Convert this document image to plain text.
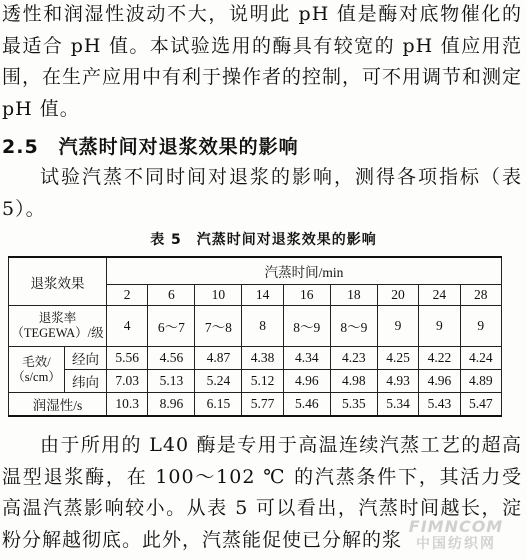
透性和润湿性波动不大，说明此 pH 值是酶对底物催化的最适合 pH 值。本试验选用的酶具有较宽的 pH 值应用范围，在生产应用中有利于操作者的控制，可不用调节和测定 pH 值。
2.5　汽蒸时间对退浆效果的影响
试验汽蒸不同时间对退浆的影响，测得各项指标（表 5）。
表 5　汽蒸时间对退浆效果的影响
退浆效果		汽蒸时间/min								
		2	6	10	14	16	18	20	24	28

退浆率
（TEGEWA）/级		4	6～7	7～8	8	8～9	8～9	9	9	9

毛效/
（s/cm）	经向	5.56	4.56	4.87	4.38	4.34	4.23	4.25	4.22	4.24
	纬向	7.03	5.13	5.24	5.12	4.96	4.98	4.93	4.96	4.89
润湿性/s		10.3	8.96	6.15	5.77	5.46	5.35	5.34	5.43	5.47
由于所用的 L40 酶是专用于高温连续汽蒸工艺的超高温型退浆酶，在 100～102 ℃ 的汽蒸条件下，其活力受高温汽蒸影响较小。从表 5 可以看出，汽蒸时间越长，淀粉分解越彻底。此外，汽蒸能促使已分解的浆
FIMNCOM
中国纺织网
